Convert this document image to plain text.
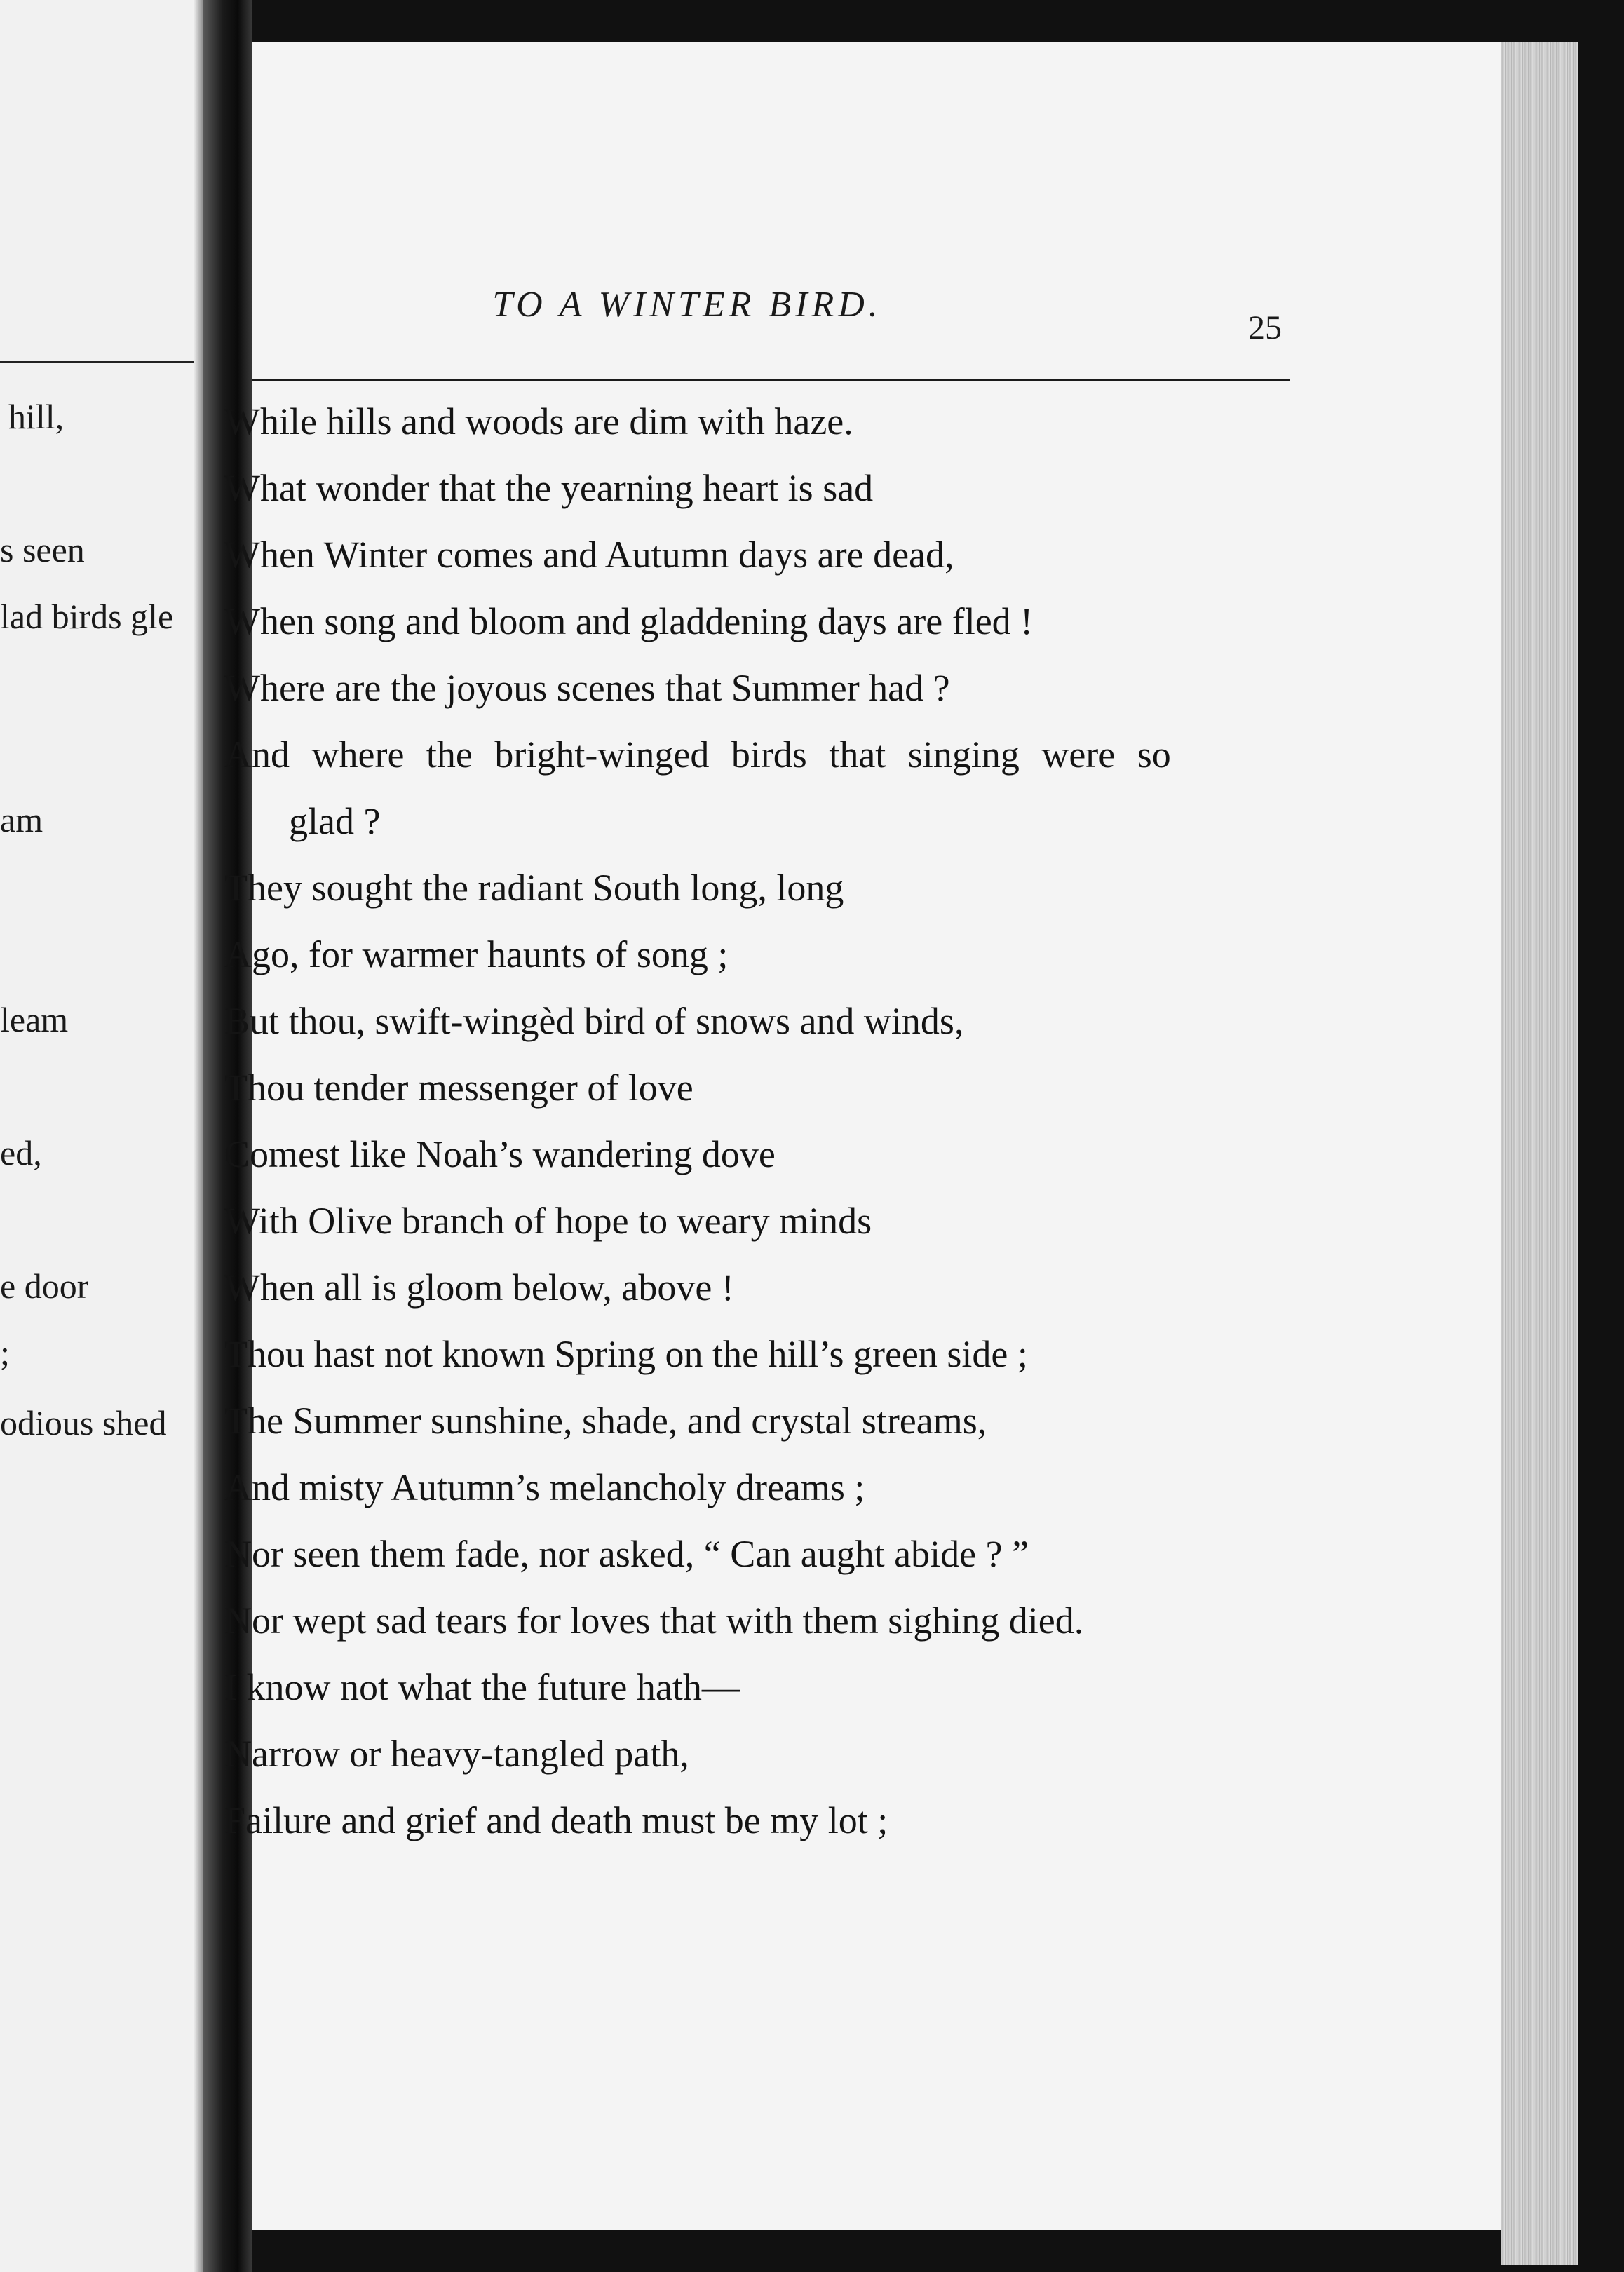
hill,
s seen
lad birds gle
am
leam
ed,
e door
;
odious shed
TO A WINTER BIRD.
25
While hills and woods are dim with haze.
What wonder that the yearning heart is sad
When Winter comes and Autumn days are dead,
When song and bloom and gladdening days are fled !
Where are the joyous scenes that Summer had ?
And where the bright-winged birds that singing were so
glad ?
They sought the radiant South long, long
Ago, for warmer haunts of song ;
But thou, swift-wingèd bird of snows and winds,
Thou tender messenger of love
Comest like Noah’s wandering dove
With Olive branch of hope to weary minds
When all is gloom below, above !
Thou hast not known Spring on the hill’s green side ;
The Summer sunshine, shade, and crystal streams,
And misty Autumn’s melancholy dreams ;
Nor seen them fade, nor asked, “ Can aught abide ? ”
Nor wept sad tears for loves that with them sighing died.
I know not what the future hath—
Narrow or heavy-tangled path,
Failure and grief and death must be my lot ;
